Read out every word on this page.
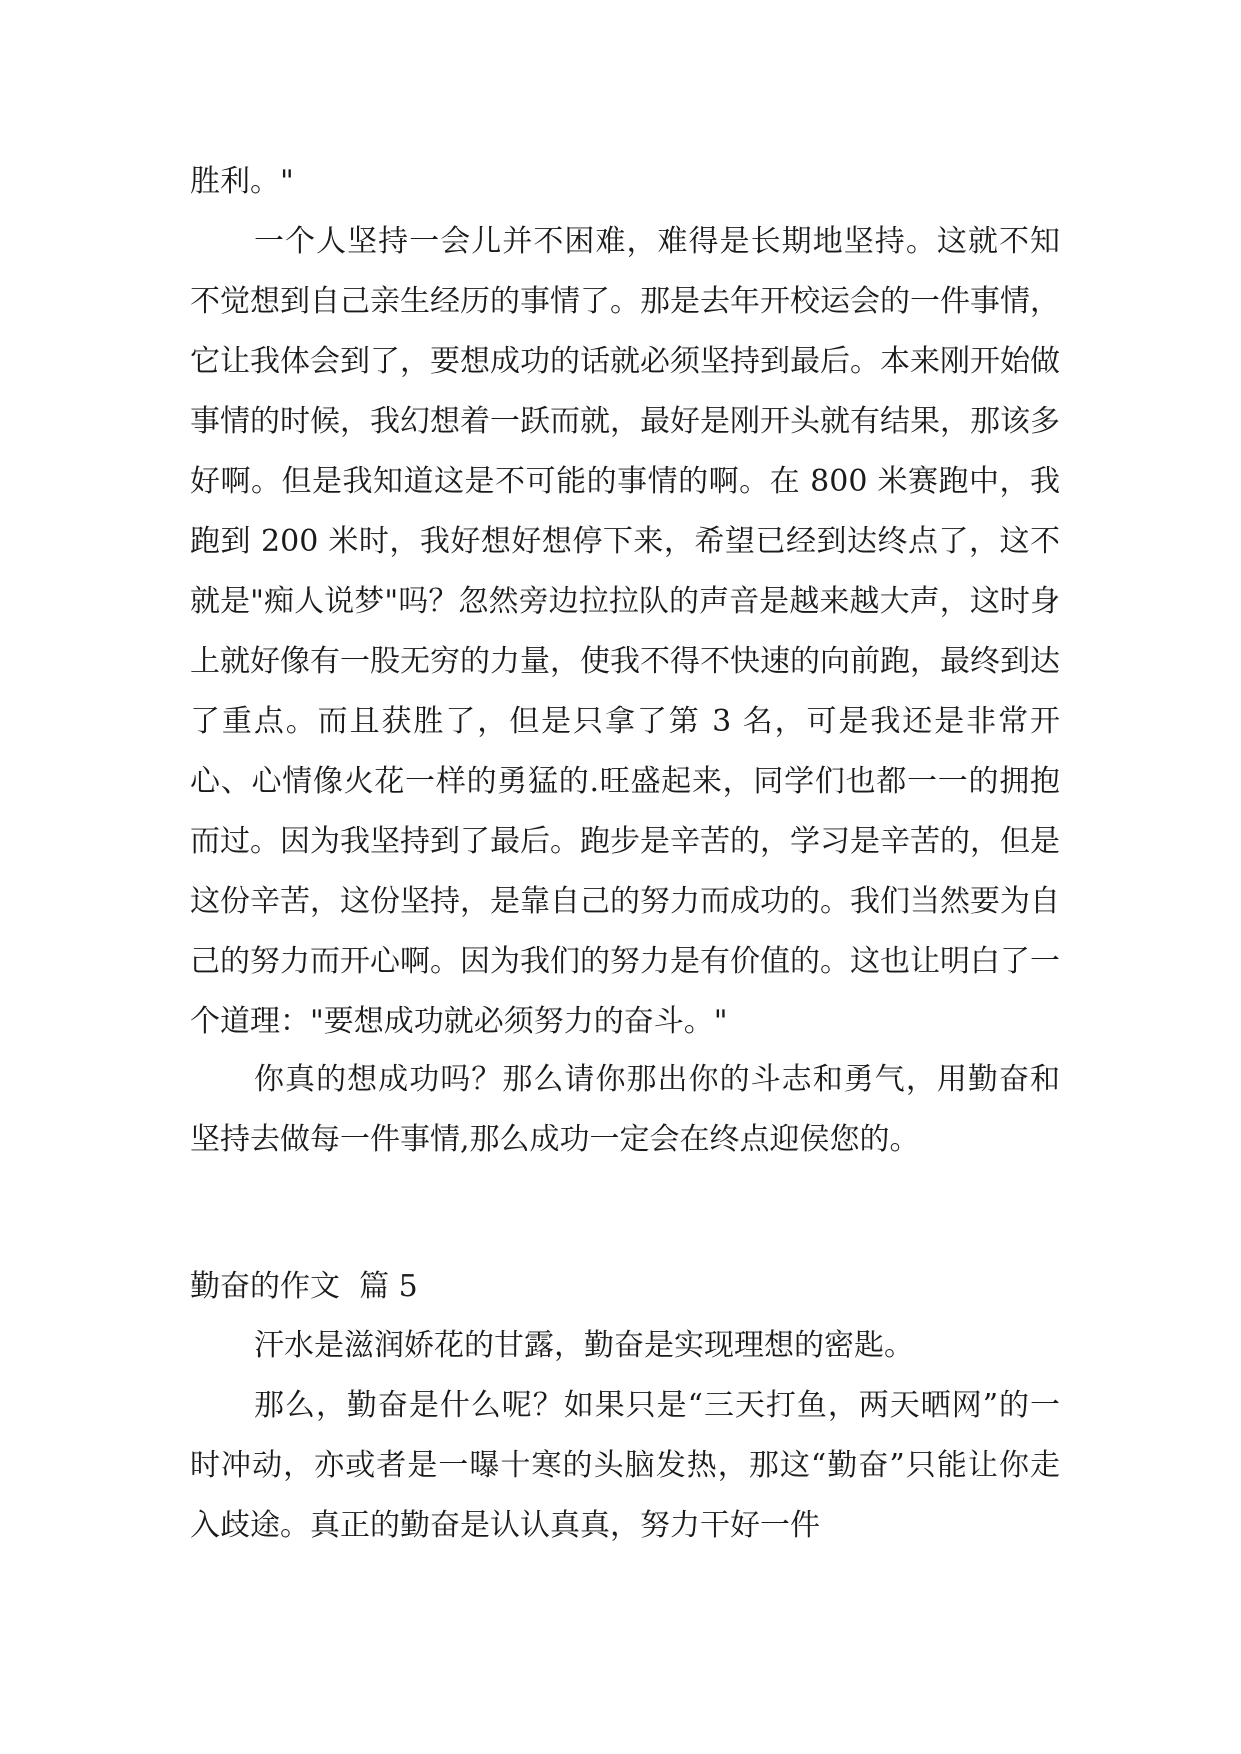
胜利。"

一个人坚持一会儿并不困难，难得是长期地坚持。这就不知不觉想到自己亲生经历的事情了。那是去年开校运会的一件事情，它让我体会到了，要想成功的话就必须坚持到最后。本来刚开始做事情的时候，我幻想着一跃而就，最好是刚开头就有结果，那该多好啊。但是我知道这是不可能的事情的啊。在 800 米赛跑中，我跑到 200 米时，我好想好想停下来，希望已经到达终点了，这不就是"痴人说梦"吗？忽然旁边拉拉队的声音是越来越大声，这时身上就好像有一股无穷的力量，使我不得不快速的向前跑，最终到达了重点。而且获胜了，但是只拿了第 3 名，可是我还是非常开心、心情像火花一样的勇猛的.旺盛起来，同学们也都一一的拥抱而过。因为我坚持到了最后。跑步是辛苦的，学习是辛苦的，但是这份辛苦，这份坚持，是靠自己的努力而成功的。我们当然要为自己的努力而开心啊。因为我们的努力是有价值的。这也让明白了一个道理："要想成功就必须努力的奋斗。"

你真的想成功吗？那么请你那出你的斗志和勇气，用勤奋和坚持去做每一件事情,那么成功一定会在终点迎侯您的。

勤奋的作文  篇 5

汗水是滋润娇花的甘露，勤奋是实现理想的密匙。

那么，勤奋是什么呢？如果只是“三天打鱼，两天晒网”的一时冲动，亦或者是一曝十寒的头脑发热，那这“勤奋”只能让你走入歧途。真正的勤奋是认认真真，努力干好一件
